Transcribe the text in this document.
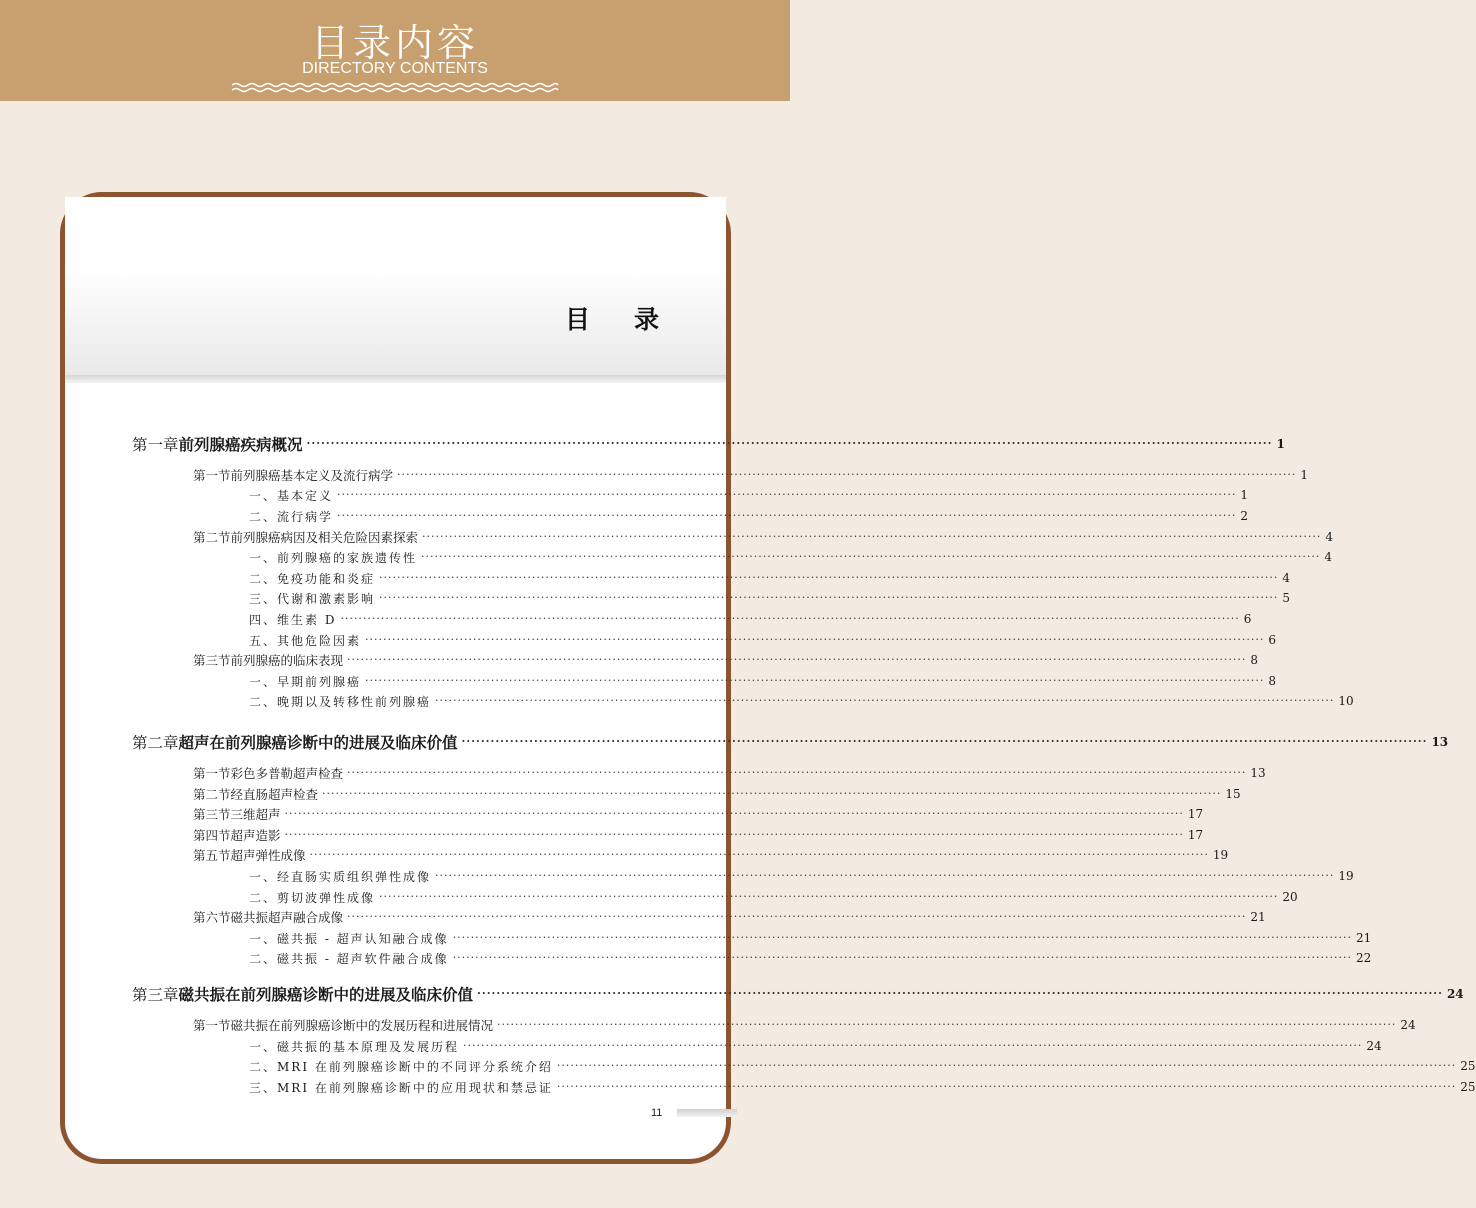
目录内容
DIRECTORY CONTENTS
目录
第一章 前列腺癌疾病概况 ········································································································································································································ 1
第一节 前列腺癌基本定义及流行病学 ········································································································································································································ 1
一、基本定义 ········································································································································································································ 1
二、流行病学 ········································································································································································································ 2
第二节 前列腺癌病因及相关危险因素探索 ········································································································································································································ 4
一、前列腺癌的家族遗传性 ········································································································································································································ 4
二、免疫功能和炎症 ········································································································································································································ 4
三、代谢和激素影响 ········································································································································································································ 5
四、维生素 D ········································································································································································································ 6
五、其他危险因素 ········································································································································································································ 6
第三节 前列腺癌的临床表现 ········································································································································································································ 8
一、早期前列腺癌 ········································································································································································································ 8
二、晚期以及转移性前列腺癌 ········································································································································································································ 10
第二章 超声在前列腺癌诊断中的进展及临床价值 ········································································································································································································ 13
第一节 彩色多普勒超声检查 ········································································································································································································ 13
第二节 经直肠超声检查 ········································································································································································································ 15
第三节 三维超声 ········································································································································································································ 17
第四节 超声造影 ········································································································································································································ 17
第五节 超声弹性成像 ········································································································································································································ 19
一、经直肠实质组织弹性成像 ········································································································································································································ 19
二、剪切波弹性成像 ········································································································································································································ 20
第六节 磁共振超声融合成像 ········································································································································································································ 21
一、磁共振 - 超声认知融合成像 ········································································································································································································ 21
二、磁共振 - 超声软件融合成像 ········································································································································································································ 22
第三章 磁共振在前列腺癌诊断中的进展及临床价值 ········································································································································································································ 24
第一节 磁共振在前列腺癌诊断中的发展历程和进展情况 ········································································································································································································ 24
一、磁共振的基本原理及发展历程 ········································································································································································································ 24
二、MRI 在前列腺癌诊断中的不同评分系统介绍 ········································································································································································································ 25
三、MRI 在前列腺癌诊断中的应用现状和禁忌证 ········································································································································································································ 25
11
